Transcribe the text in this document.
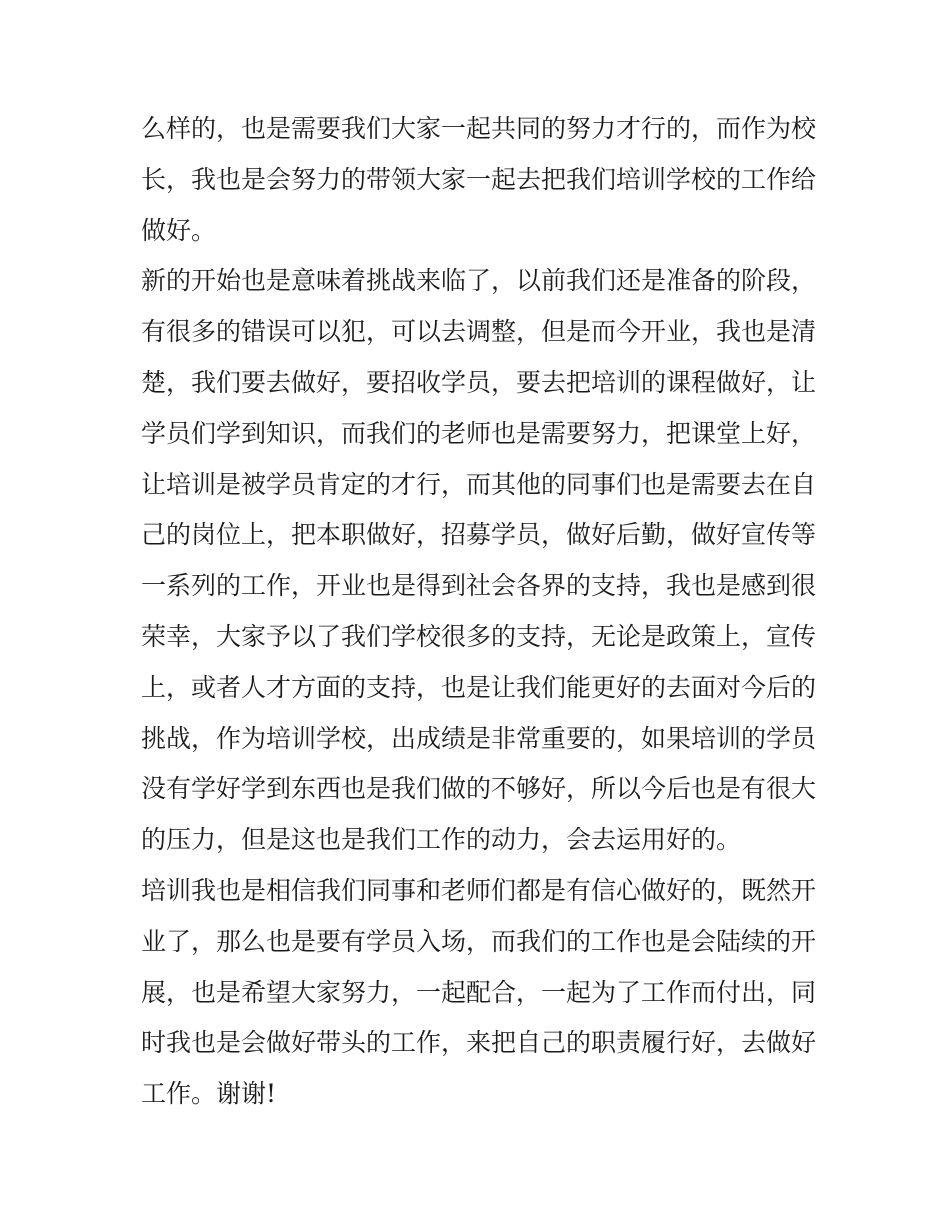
么样的，也是需要我们大家一起共同的努力才行的，而作为校
长，我也是会努力的带领大家一起去把我们培训学校的工作给
做好。
新的开始也是意味着挑战来临了，以前我们还是准备的阶段，
有很多的错误可以犯，可以去调整，但是而今开业，我也是清
楚，我们要去做好，要招收学员，要去把培训的课程做好，让
学员们学到知识，而我们的老师也是需要努力，把课堂上好，
让培训是被学员肯定的才行，而其他的同事们也是需要去在自
己的岗位上，把本职做好，招募学员，做好后勤，做好宣传等
一系列的工作，开业也是得到社会各界的支持，我也是感到很
荣幸，大家予以了我们学校很多的支持，无论是政策上，宣传
上，或者人才方面的支持，也是让我们能更好的去面对今后的
挑战，作为培训学校，出成绩是非常重要的，如果培训的学员
没有学好学到东西也是我们做的不够好，所以今后也是有很大
的压力，但是这也是我们工作的动力，会去运用好的。
培训我也是相信我们同事和老师们都是有信心做好的，既然开
业了，那么也是要有学员入场，而我们的工作也是会陆续的开
展，也是希望大家努力，一起配合，一起为了工作而付出，同
时我也是会做好带头的工作，来把自己的职责履行好，去做好
工作。谢谢!
